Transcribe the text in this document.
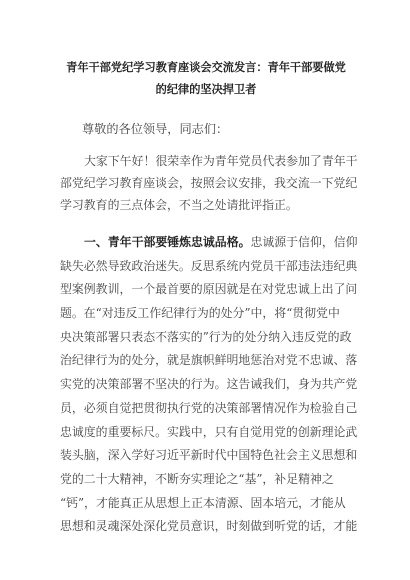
青年干部党纪学习教育座谈会交流发言：青年干部要做党
的纪律的坚决捍卫者
尊敬的各位领导，同志们：
大家下午好！很荣幸作为青年党员代表参加了青年干
部党纪学习教育座谈会，按照会议安排，我交流一下党纪
学习教育的三点体会，不当之处请批评指正。
一、青年干部要锤炼忠诚品格。忠诚源于信仰，信仰
缺失必然导致政治迷失。反思系统内党员干部违法违纪典
型案例教训，一个最首要的原因就是在对党忠诚上出了问
题。在“对违反工作纪律行为的处分”中，将“贯彻党中
央决策部署只表态不落实的”行为的处分纳入违反党的政
治纪律行为的处分，就是旗帜鲜明地惩治对党不忠诚、落
实党的决策部署不坚决的行为。这告诫我们，身为共产党
员，必须自觉把贯彻执行党的决策部署情况作为检验自己
忠诚度的重要标尺。实践中，只有自觉用党的创新理论武
装头脑，深入学好习近平新时代中国特色社会主义思想和
党的二十大精神，不断夯实理论之“基”，补足精神之
“钙”，才能真正从思想上正本清源、固本培元，才能从
思想和灵魂深处深化党员意识，时刻做到听党的话，才能
